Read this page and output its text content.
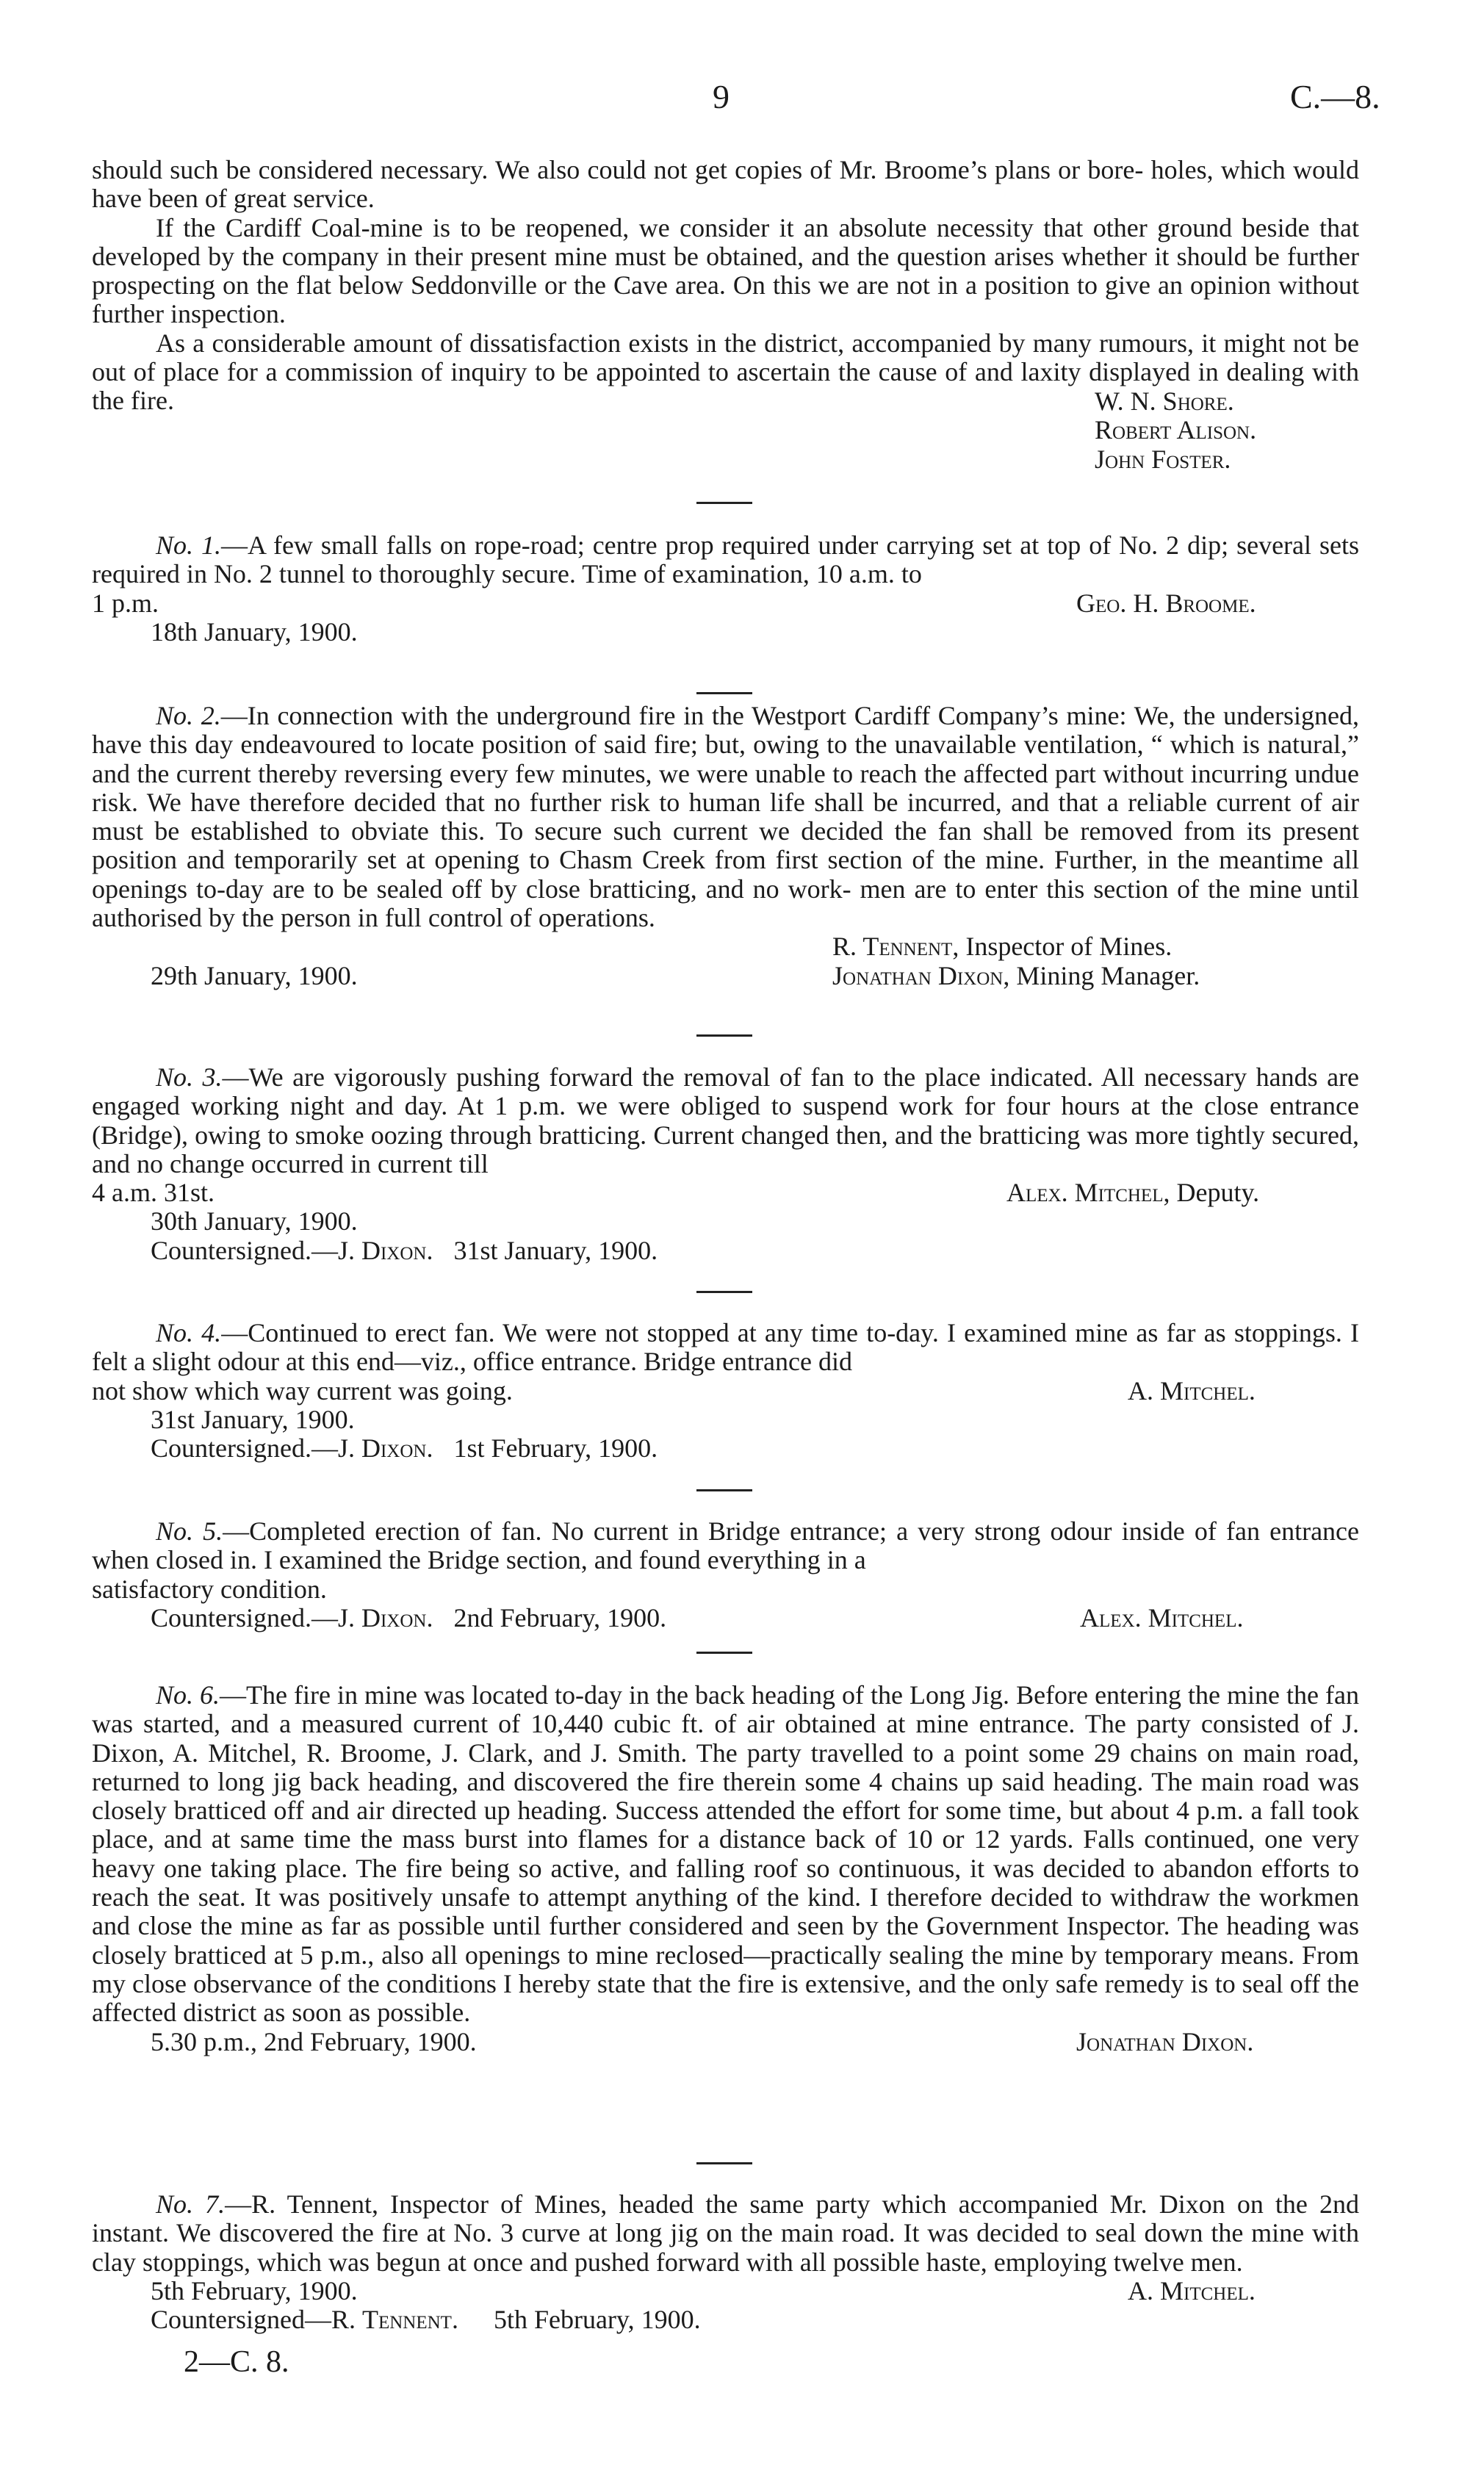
9	C.—8.

should such be considered necessary. We also could not get copies of Mr. Broome’s plans or bore- holes, which would have been of great service.

If the Cardiff Coal-mine is to be reopened, we consider it an absolute necessity that other ground beside that developed by the company in their present mine must be obtained, and the question arises whether it should be further prospecting on the flat below Seddonville or the Cave area. On this we are not in a position to give an opinion without further inspection.

As a considerable amount of dissatisfaction exists in the district, accompanied by many rumours, it might not be out of place for a commission of inquiry to be appointed to ascertain the cause of and laxity displayed in dealing with the fire.	W. N. Shore.
Robert Alison.
John Foster.

No. 1.—A few small falls on rope-road; centre prop required under carrying set at top of No. 2 dip; several sets required in No. 2 tunnel to thoroughly secure. Time of examination, 10 a.m. to

1 p.m.	Geo. H. Broome.

18th January, 1900.

No. 2.—In connection with the underground fire in the Westport Cardiff Company’s mine: We, the undersigned, have this day endeavoured to locate position of said fire; but, owing to the unavailable ventilation, “ which is natural,” and the current thereby reversing every few minutes, we were unable to reach the affected part without incurring undue risk. We have therefore decided that no further risk to human life shall be incurred, and that a reliable current of air must be established to obviate this. To secure such current we decided the fan shall be removed from its present position and temporarily set at opening to Chasm Creek from first section of the mine. Further, in the meantime all openings to-day are to be sealed off by close bratticing, and no work- men are to enter this section of the mine until authorised by the person in full control of operations.

R. Tennent, Inspector of Mines.

29th January, 1900.	Jonathan Dixon, Mining Manager.

No. 3.—We are vigorously pushing forward the removal of fan to the place indicated. All necessary hands are engaged working night and day. At 1 p.m. we were obliged to suspend work for four hours at the close entrance (Bridge), owing to smoke oozing through bratticing. Current changed then, and the bratticing was more tightly secured, and no change occurred in current till

4 a.m. 31st.	Alex. Mitchel, Deputy.

30th January, 1900.

Countersigned.—J. Dixon. 31st January, 1900.

No. 4.—Continued to erect fan. We were not stopped at any time to-day. I examined mine as far as stoppings. I felt a slight odour at this end—viz., office entrance. Bridge entrance did

not show which way current was going.	A. Mitchel.

31st January, 1900.

Countersigned.—J. Dixon. 1st February, 1900.

No. 5.—Completed erection of fan. No current in Bridge entrance; a very strong odour inside of fan entrance when closed in. I examined the Bridge section, and found everything in a

satisfactory condition.

Countersigned.—J. Dixon. 2nd February, 1900.	Alex. Mitchel.

No. 6.—The fire in mine was located to-day in the back heading of the Long Jig. Before entering the mine the fan was started, and a measured current of 10,440 cubic ft. of air obtained at mine entrance. The party consisted of J. Dixon, A. Mitchel, R. Broome, J. Clark, and J. Smith. The party travelled to a point some 29 chains on main road, returned to long jig back heading, and discovered the fire therein some 4 chains up said heading. The main road was closely bratticed off and air directed up heading. Success attended the effort for some time, but about 4 p.m. a fall took place, and at same time the mass burst into flames for a distance back of 10 or 12 yards. Falls continued, one very heavy one taking place. The fire being so active, and falling roof so continuous, it was decided to abandon efforts to reach the seat. It was positively unsafe to attempt anything of the kind. I therefore decided to withdraw the workmen and close the mine as far as possible until further considered and seen by the Government Inspector. The heading was closely bratticed at 5 p.m., also all openings to mine reclosed—practically sealing the mine by temporary means. From my close observance of the conditions I hereby state that the fire is extensive, and the only safe remedy is to seal off the affected district as soon as possible.

5.30 p.m., 2nd February, 1900.	Jonathan Dixon.

No. 7.—R. Tennent, Inspector of Mines, headed the same party which accompanied Mr. Dixon on the 2nd instant. We discovered the fire at No. 3 curve at long jig on the main road. It was decided to seal down the mine with clay stoppings, which was begun at once and pushed forward with all possible haste, employing twelve men.

5th February, 1900.	A. Mitchel.

Countersigned—R. Tennent. 5th February, 1900.

2—C. 8.
